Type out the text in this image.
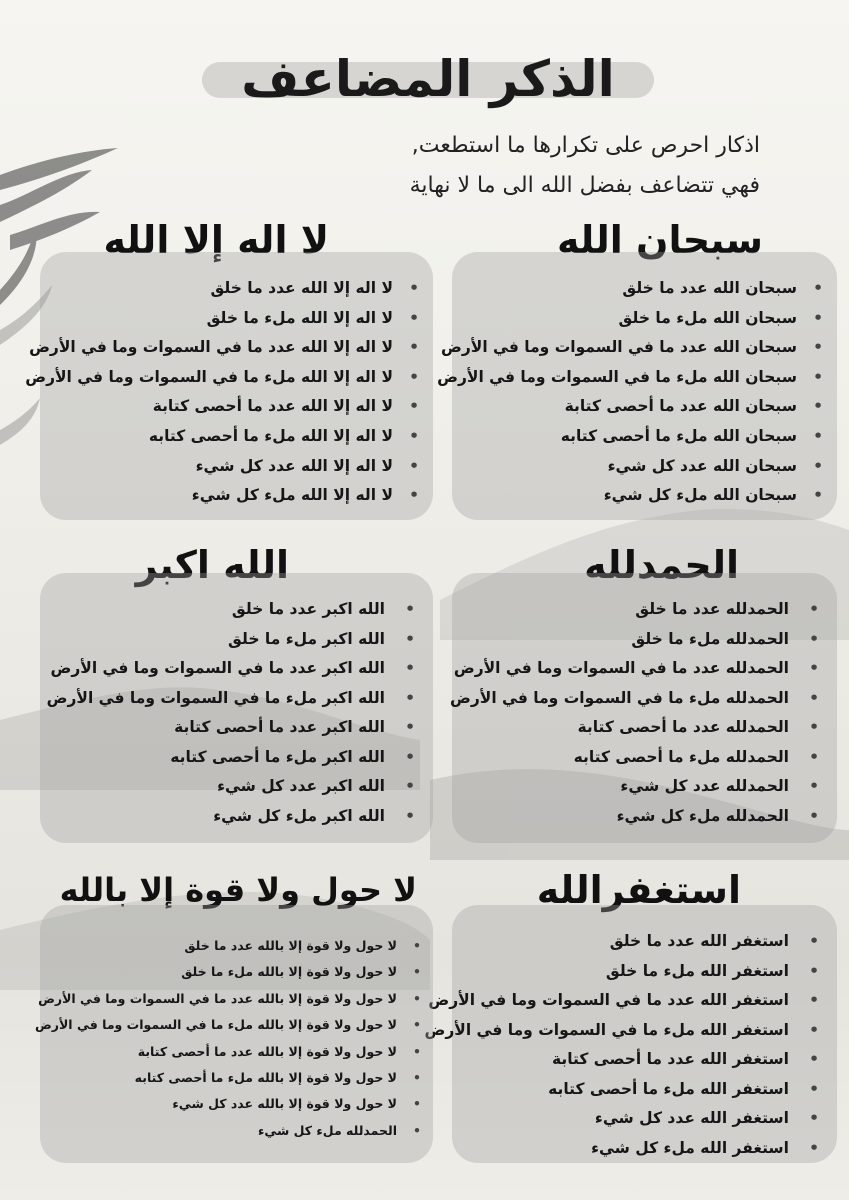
الذكر المضاعف
اذكار احرص على تكرارها ما استطعت, فهي تتضاعف بفضل الله الى ما لا نهاية
سبحان الله
• سبحان الله عدد ما خلق
• سبحان الله ملء ما خلق
• سبحان الله عدد ما في السموات وما في الأرض
• سبحان الله ملء ما في السموات وما في الأرض
• سبحان الله عدد ما أحصى كتابة
• سبحان الله ملء ما أحصى كتابه
• سبحان الله عدد كل شيء
• سبحان الله ملء كل شيء
لا اله إلا الله
• لا اله إلا الله عدد ما خلق
• لا اله إلا الله ملء ما خلق
• لا اله إلا الله عدد ما في السموات وما في الأرض
• لا اله إلا الله ملء ما في السموات وما في الأرض
• لا اله إلا الله عدد ما أحصى كتابة
• لا اله إلا الله ملء ما أحصى كتابه
• لا اله إلا الله عدد كل شيء
• لا اله إلا الله ملء كل شيء
الحمدلله
• الحمدلله عدد ما خلق
• الحمدلله ملء ما خلق
• الحمدلله عدد ما في السموات وما في الأرض
• الحمدلله ملء ما في السموات وما في الأرض
• الحمدلله عدد ما أحصى كتابة
• الحمدلله ملء ما أحصى كتابه
• الحمدلله عدد كل شيء
• الحمدلله ملء كل شيء
الله اكبر
• الله اكبر عدد ما خلق
• الله اكبر ملء ما خلق
• الله اكبر عدد ما في السموات وما في الأرض
• الله اكبر ملء ما في السموات وما في الأرض
• الله اكبر عدد ما أحصى كتابة
• الله اكبر ملء ما أحصى كتابه
• الله اكبر عدد كل شيء
• الله اكبر ملء كل شيء
استغفرالله
• استغفر الله عدد ما خلق
• استغفر الله ملء ما خلق
• استغفر الله عدد ما في السموات وما في الأرض
• استغفر الله ملء ما في السموات وما في الأرض
• استغفر الله عدد ما أحصى كتابة
• استغفر الله ملء ما أحصى كتابه
• استغفر الله عدد كل شيء
• استغفر الله ملء كل شيء
لا حول ولا قوة إلا بالله
• لا حول ولا قوة إلا بالله عدد ما خلق
• لا حول ولا قوة إلا بالله ملء ما خلق
• لا حول ولا قوة إلا بالله عدد ما في السموات وما في الأرض
• لا حول ولا قوة إلا بالله ملء ما في السموات وما في الأرض
• لا حول ولا قوة إلا بالله عدد ما أحصى كتابة
• لا حول ولا قوة إلا بالله ملء ما أحصى كتابه
• لا حول ولا قوة إلا بالله عدد كل شيء
• الحمدلله ملء كل شيء
